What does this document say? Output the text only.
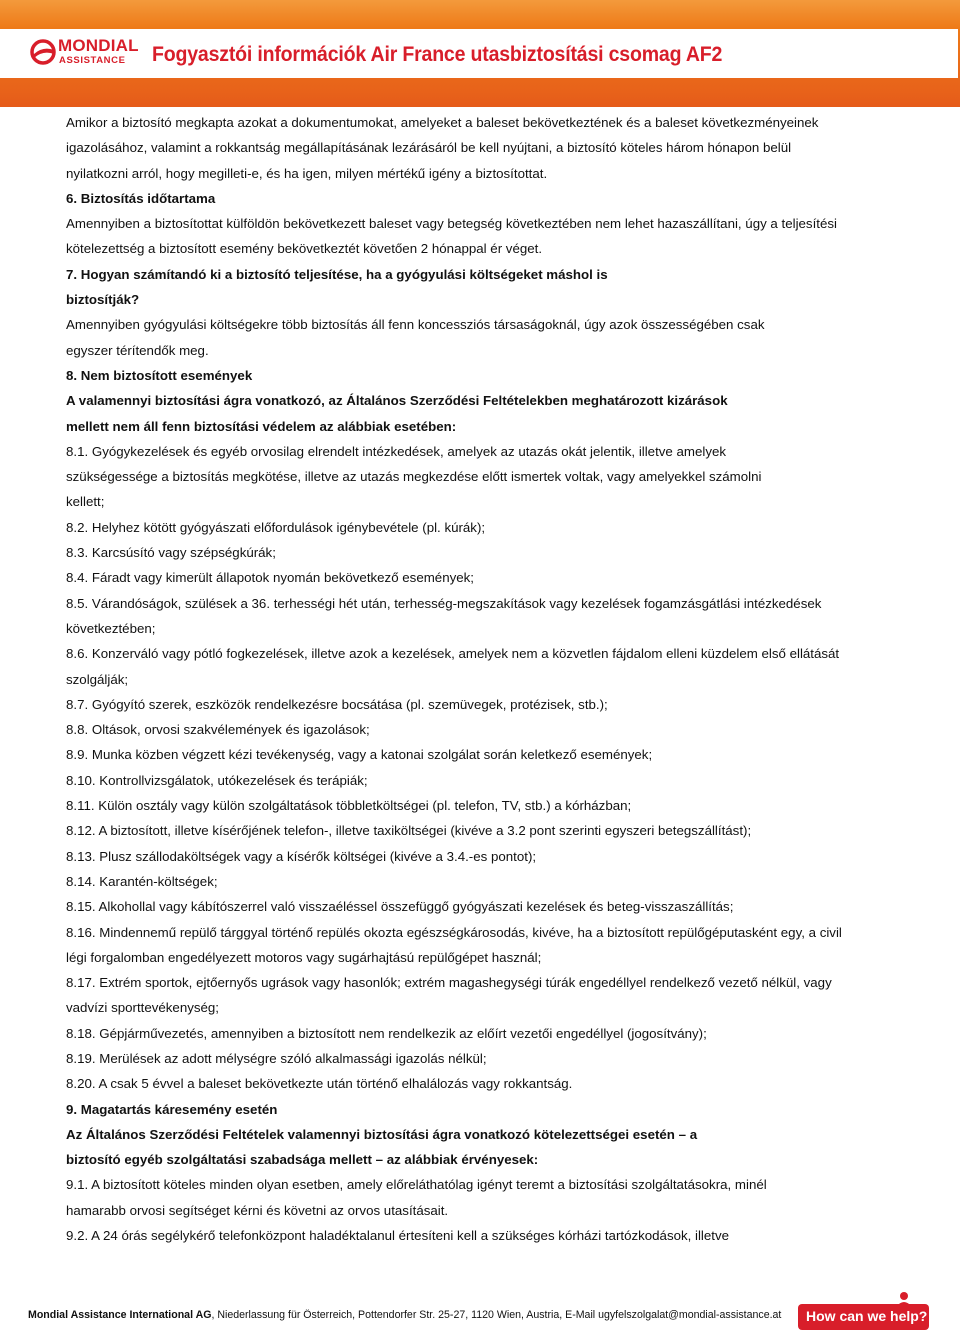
MONDIAL
ASSISTANCE Fogyasztói információk Air France utasbiztosítási csomag AF2

Amikor a biztosító megkapta azokat a dokumentumokat, amelyeket a baleset bekövetkeztének és a baleset következményeinek igazolásához, valamint a rokkantság megállapításának lezárásáról be kell nyújtani, a biztosító köteles három hónapon belül nyilatkozni arról, hogy megilleti-e, és ha igen, milyen mértékű igény a biztosítottat.

6. Biztosítás időtartama

Amennyiben a biztosítottat külföldön bekövetkezett baleset vagy betegség következtében nem lehet hazaszállítani, úgy a teljesítési kötelezettség a biztosított esemény bekövetkeztét követően 2 hónappal ér véget.

7. Hogyan számítandó ki a biztosító teljesítése, ha a gyógyulási költségeket máshol is biztosítják?

Amennyiben gyógyulási költségekre több biztosítás áll fenn koncessziós társaságoknál, úgy azok összességében csak egyszer térítendők meg.

8. Nem biztosított események

A valamennyi biztosítási ágra vonatkozó, az Általános Szerződési Feltételekben meghatározott kizárások mellett nem áll fenn biztosítási védelem az alábbiak esetében:

8.1. Gyógykezelések és egyéb orvosilag elrendelt intézkedések, amelyek az utazás okát jelentik, illetve amelyek szükségessége a biztosítás megkötése, illetve az utazás megkezdése előtt ismertek voltak, vagy amelyekkel számolni kellett;

8.2. Helyhez kötött gyógyászati előfordulások igénybevétele (pl. kúrák);

8.3. Karcsúsító vagy szépségkúrák;

8.4. Fáradt vagy kimerült állapotok nyomán bekövetkező események;

8.5. Várandóságok, szülések a 36. terhességi hét után, terhesség-megszakítások vagy kezelések fogamzásgátlási intézkedések következtében;

8.6. Konzerváló vagy pótló fogkezelések, illetve azok a kezelések, amelyek nem a közvetlen fájdalom elleni küzdelem első ellátását szolgálják;

8.7. Gyógyító szerek, eszközök rendelkezésre bocsátása (pl. szemüvegek, protézisek, stb.);

8.8. Oltások, orvosi szakvélemények és igazolások;

8.9. Munka közben végzett kézi tevékenység, vagy a katonai szolgálat során keletkező események;

8.10. Kontrollvizsgálatok, utókezelések és terápiák;

8.11. Külön osztály vagy külön szolgáltatások többletköltségei (pl. telefon, TV, stb.) a kórházban;

8.12. A biztosított, illetve kísérőjének telefon-, illetve taxiköltségei (kivéve a 3.2 pont szerinti egyszeri betegszállítást);

8.13. Plusz szállodaköltségek vagy a kísérők költségei (kivéve a 3.4.-es pontot);

8.14. Karantén-költségek;

8.15. Alkohollal vagy kábítószerrel való visszaéléssel összefüggő gyógyászati kezelések és beteg-visszaszállítás;

8.16. Mindennemű repülő tárggyal történő repülés okozta egészségkárosodás, kivéve, ha a biztosított repülőgéputasként egy, a civil légi forgalomban engedélyezett motoros vagy sugárhajtású repülőgépet használ;

8.17. Extrém sportok, ejtőernyős ugrások vagy hasonlók; extrém magashegységi túrák engedéllyel rendelkező vezető nélkül, vagy vadvízi sporttevékenység;

8.18. Gépjárművezetés, amennyiben a biztosított nem rendelkezik az előírt vezetői engedéllyel (jogosítvány);

8.19. Merülések az adott mélységre szóló alkalmassági igazolás nélkül;

8.20. A csak 5 évvel a baleset bekövetkezte után történő elhalálozás vagy rokkantság.

9. Magatartás káresemény esetén

Az Általános Szerződési Feltételek valamennyi biztosítási ágra vonatkozó kötelezettségei esetén – a biztosító egyéb szolgáltatási szabadsága mellett – az alábbiak érvényesek:

9.1. A biztosított köteles minden olyan esetben, amely előreláthatólag igényt teremt a biztosítási szolgáltatásokra, minél hamarabb orvosi segítséget kérni és követni az orvos utasításait.

9.2. A 24 órás segélykérő telefonközpont haladéktalanul értesíteni kell a szükséges kórházi tartózkodások, illetve

Mondial Assistance International AG, Niederlassung für Österreich, Pottendorfer Str. 25-27, 1120 Wien, Austria, E-Mail ugyfelszolgalat@mondial-assistance.at How can we help?
